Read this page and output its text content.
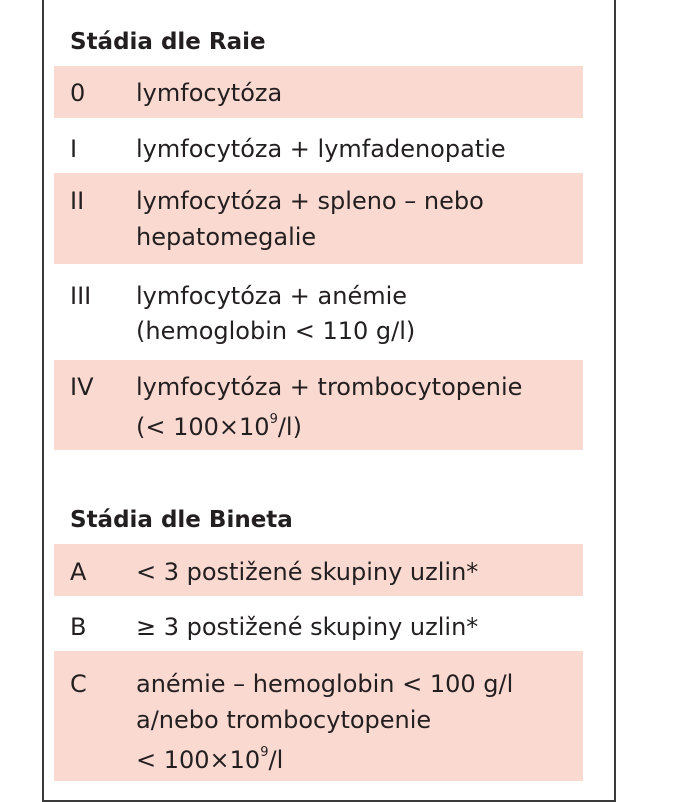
Stádia dle Raie
0 lymfocytóza
I lymfocytóza + lymfadenopatie
II lymfocytóza + spleno – nebo
hepatomegalie
III lymfocytóza + anémie
(hemoglobin < 110 g/l)
IV lymfocytóza + trombocytopenie
(< $100\times 10^9/l$)
Stádia dle Bineta
A < 3 postižené skupiny uzlin*
B ≥ 3 postižené skupiny uzlin*
C anémie – hemoglobin < 100 g/l
a/nebo trombocytopenie
< $100\times 10^9/l$
